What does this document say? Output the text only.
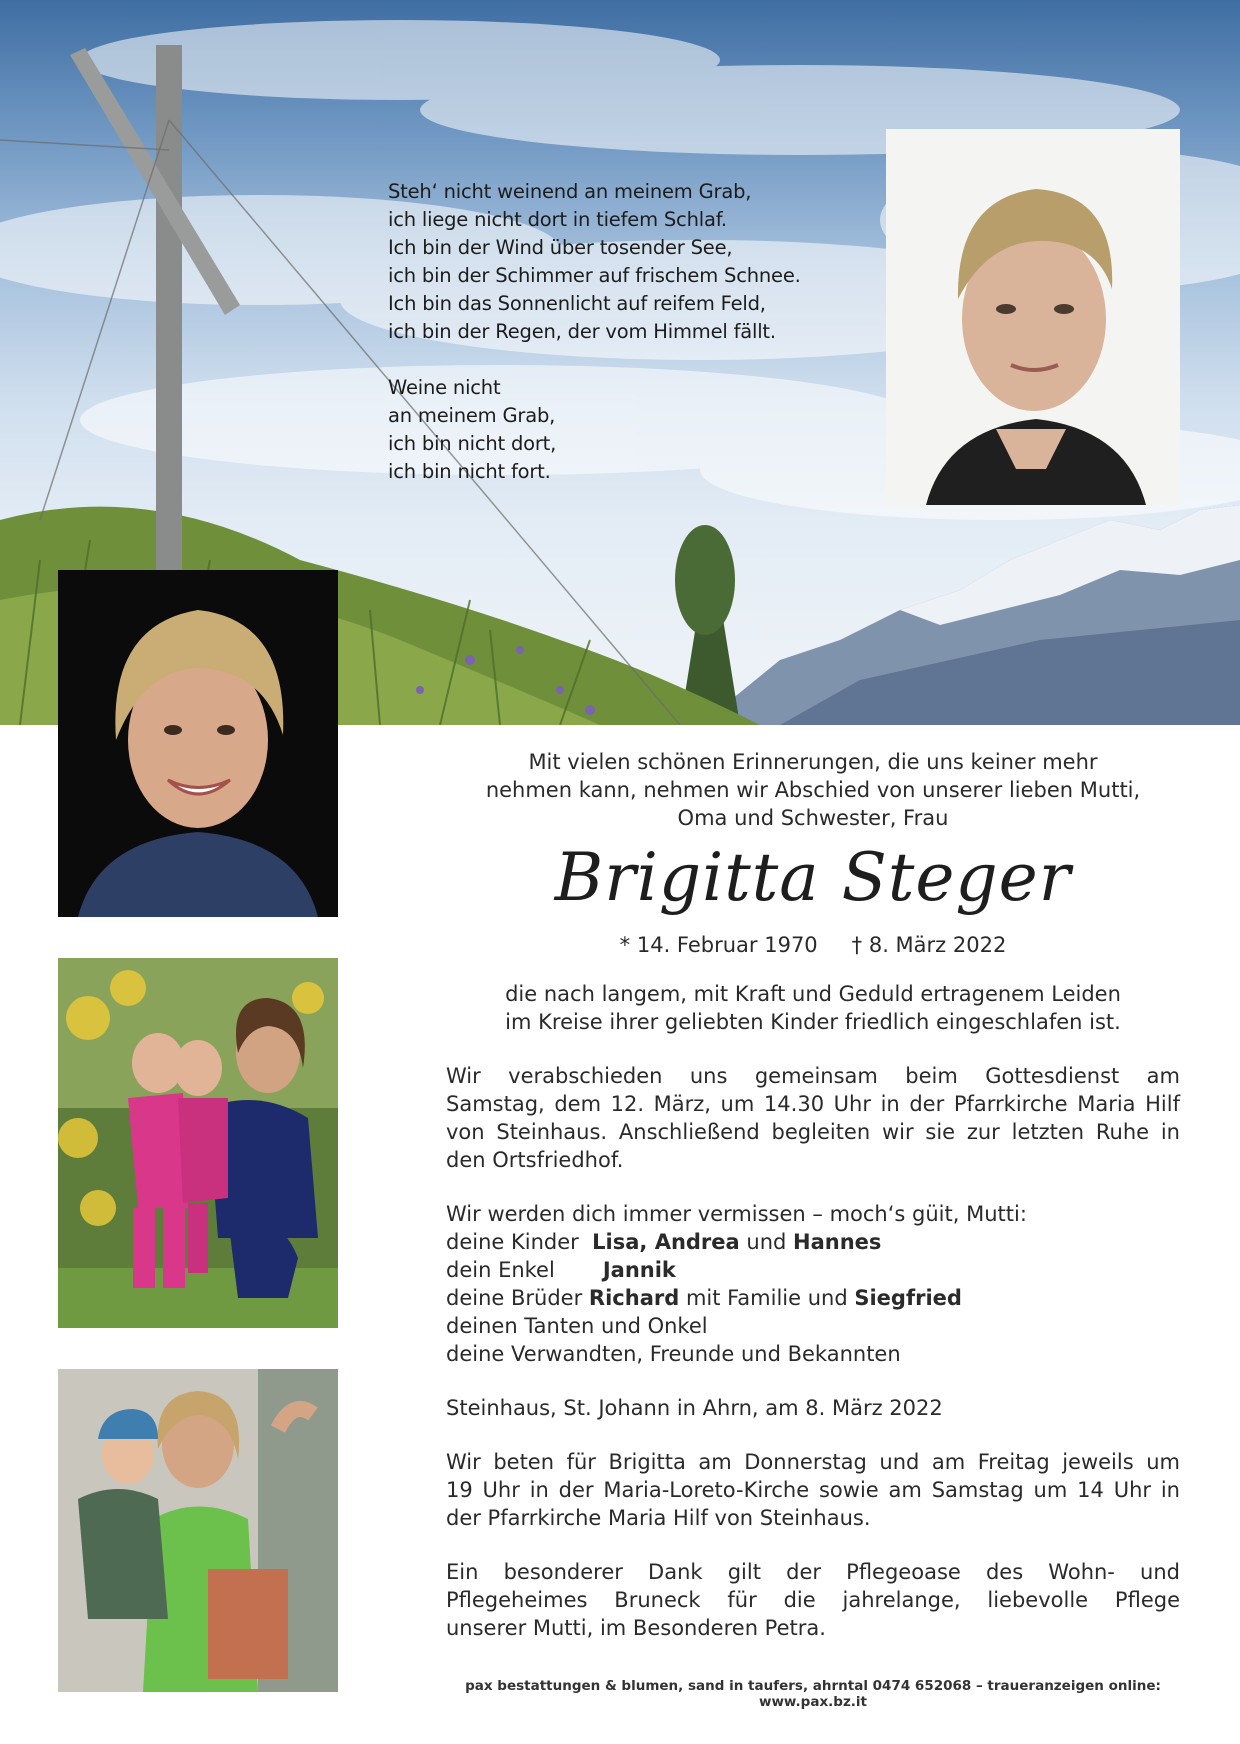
Steh‘ nicht weinend an meinem Grab,
ich liege nicht dort in tiefem Schlaf.
Ich bin der Wind über tosender See,
ich bin der Schimmer auf frischem Schnee.
Ich bin das Sonnenlicht auf reifem Feld,
ich bin der Regen, der vom Himmel fällt.
Weine nicht
an meinem Grab,
ich bin nicht dort,
ich bin nicht fort.
Mit vielen schönen Erinnerungen, die uns keiner mehr
nehmen kann, nehmen wir Abschied von unserer lieben Mutti,
Oma und Schwester, Frau
Brigitta Steger
* 14. Februar 1970 † 8. März 2022
die nach langem, mit Kraft und Geduld ertragenem Leiden
im Kreise ihrer geliebten Kinder friedlich eingeschlafen ist.
Wir verabschieden uns gemeinsam beim Gottesdienst am
Samstag, dem 12. März, um 14.30 Uhr in der Pfarrkirche Maria Hilf
von Steinhaus. Anschließend begleiten wir sie zur letzten Ruhe in
den Ortsfriedhof.
Wir werden dich immer vermissen – moch‘s güit, Mutti:
deine Kinder Lisa, Andrea und Hannes
dein Enkel Jannik
deine Brüder Richard mit Familie und Siegfried
deinen Tanten und Onkel
deine Verwandten, Freunde und Bekannten
Steinhaus, St. Johann in Ahrn, am 8. März 2022
Wir beten für Brigitta am Donnerstag und am Freitag jeweils um
19 Uhr in der Maria-Loreto-Kirche sowie am Samstag um 14 Uhr in
der Pfarrkirche Maria Hilf von Steinhaus.
Ein besonderer Dank gilt der Pflegeoase des Wohn- und
Pflegeheimes Bruneck für die jahrelange, liebevolle Pflege
unserer Mutti, im Besonderen Petra.
pax bestattungen & blumen, sand in taufers, ahrntal 0474 652068 – traueranzeigen online: www.pax.bz.it
